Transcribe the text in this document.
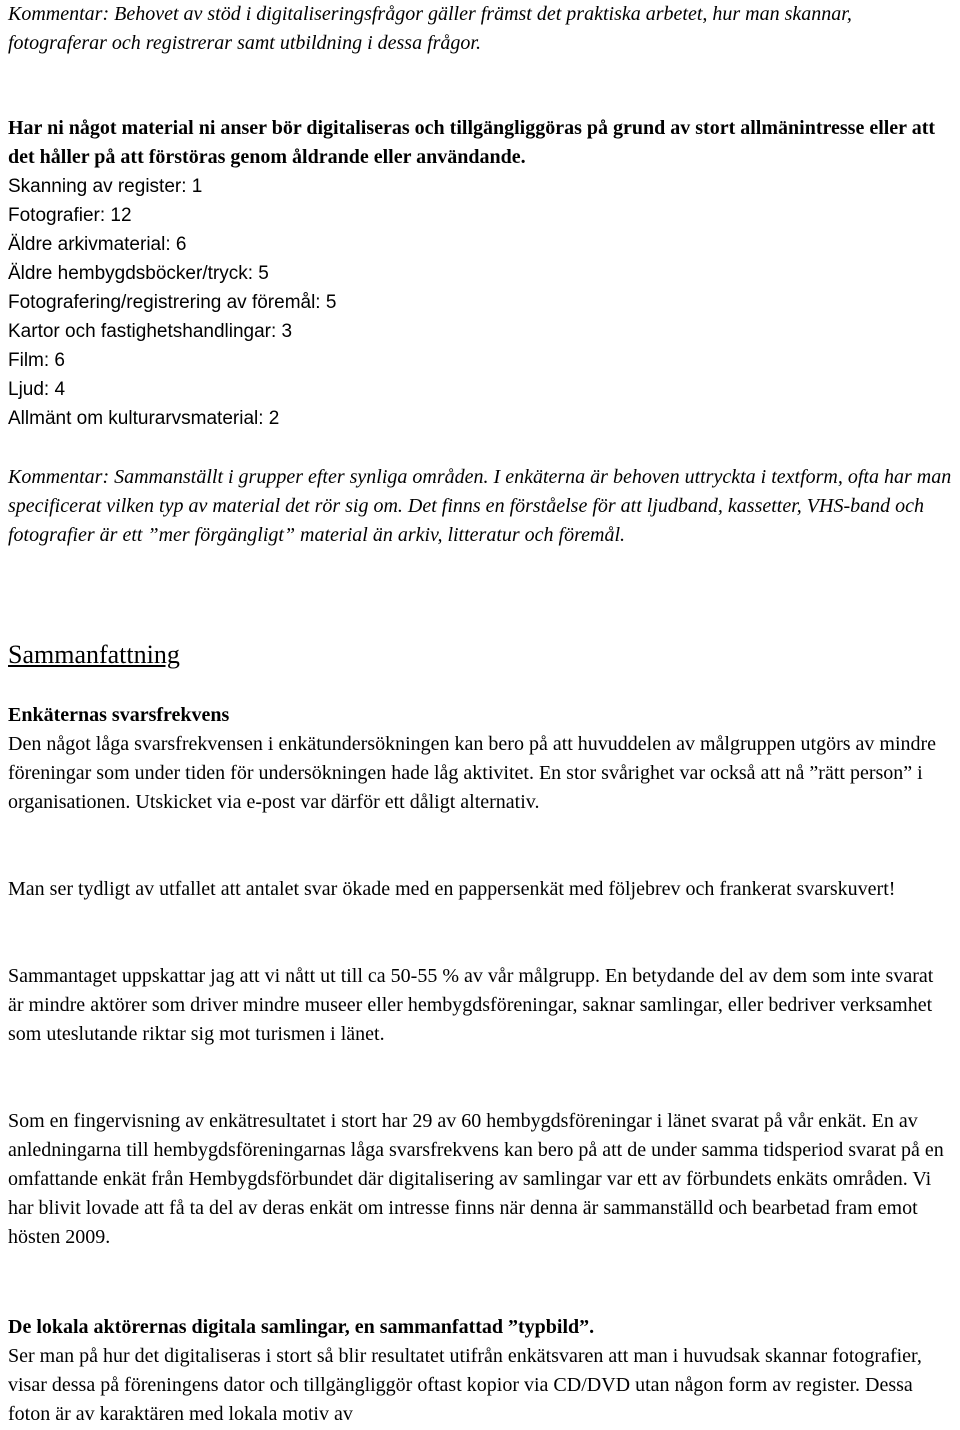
Kommentar: Behovet av stöd i digitaliseringsfrågor gäller främst det praktiska arbetet, hur man skannar, fotograferar och registrerar samt utbildning i dessa frågor.

Har ni något material ni anser bör digitaliseras och tillgängliggöras på grund av stort allmänintresse eller att det håller på att förstöras genom åldrande eller användande.

Skanning av register: 1
Fotografier: 12
Äldre arkivmaterial: 6
Äldre hembygdsböcker/tryck: 5
Fotografering/registrering av föremål: 5
Kartor och fastighetshandlingar: 3
Film: 6
Ljud: 4
Allmänt om kulturarvsmaterial: 2

Kommentar: Sammanställt i grupper efter synliga områden. I enkäterna är behoven uttryckta i textform, ofta har man specificerat vilken typ av material det rör sig om. Det finns en förståelse för att ljudband, kassetter, VHS-band och fotografier är ett ”mer förgängligt” material än arkiv, litteratur och föremål.

Sammanfattning

Enkäternas svarsfrekvens

Den något låga svarsfrekvensen i enkätundersökningen kan bero på att huvuddelen av målgruppen utgörs av mindre föreningar som under tiden för undersökningen hade låg aktivitet. En stor svårighet var också att nå ”rätt person” i organisationen. Utskicket via e-post var därför ett dåligt alternativ.

Man ser tydligt av utfallet att antalet svar ökade med en pappersenkät med följebrev och frankerat svarskuvert!

Sammantaget uppskattar jag att vi nått ut till ca 50-55 % av vår målgrupp. En betydande del av dem som inte svarat är mindre aktörer som driver mindre museer eller hembygdsföreningar, saknar samlingar, eller bedriver verksamhet som uteslutande riktar sig mot turismen i länet.

Som en fingervisning av enkätresultatet i stort har 29 av 60 hembygdsföreningar i länet svarat på vår enkät. En av anledningarna till hembygdsföreningarnas låga svarsfrekvens kan bero på att de under samma tidsperiod svarat på en omfattande enkät från Hembygdsförbundet där digitalisering av samlingar var ett av förbundets enkäts områden. Vi har blivit lovade att få ta del av deras enkät om intresse finns när denna är sammanställd och bearbetad fram emot hösten 2009.

De lokala aktörernas digitala samlingar, en sammanfattad ”typbild”.

Ser man på hur det digitaliseras i stort så blir resultatet utifrån enkätsvaren att man i huvudsak skannar fotografier, visar dessa på föreningens dator och tillgängliggör oftast kopior via CD/DVD utan någon form av register. Dessa foton är av karaktären med lokala motiv av
